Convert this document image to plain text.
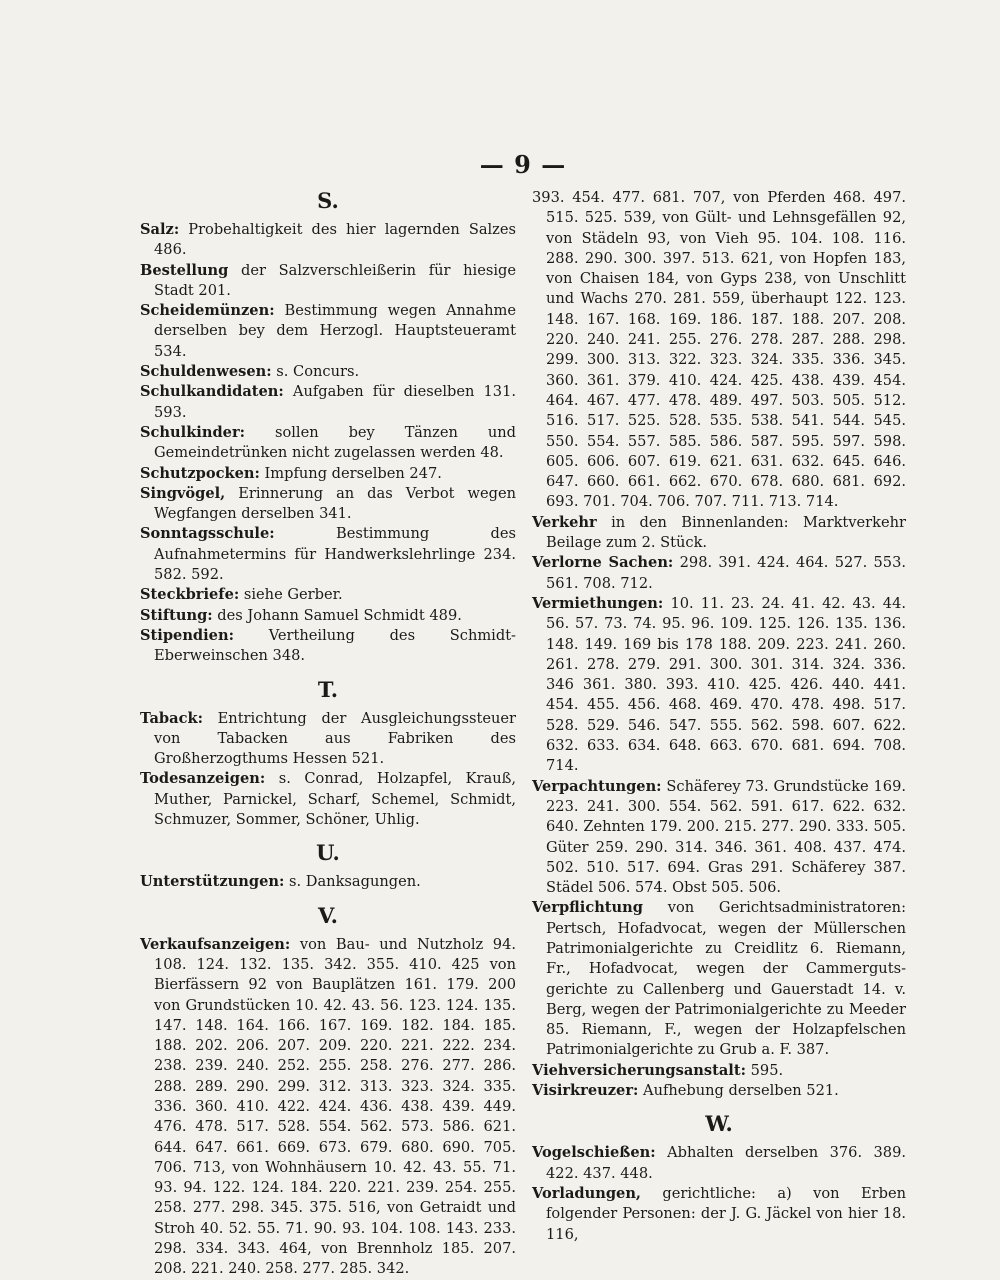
— 9 —
S.
Salz: Probehaltigkeit des hier lagernden Salzes 486.
Bestellung der Salzverschleißerin für hiesige Stadt 201.
Scheidemünzen: Bestimmung wegen Annahme derselben bey dem Herzogl. Hauptsteueramt 534.
Schuldenwesen: s. Concurs.
Schulkandidaten: Aufgaben für dieselben 131. 593.
Schulkinder: sollen bey Tänzen und Gemeindetrünken nicht zugelassen werden 48.
Schutzpocken: Impfung derselben 247.
Singvögel, Erinnerung an das Verbot wegen Wegfangen derselben 341.
Sonntagsschule:	Bestimmung des Aufnahmetermins für Handwerkslehrlinge 234. 582. 592.
Steckbriefe: siehe Gerber.
Stiftung: des Johann Samuel Schmidt 489.
Stipendien: Vertheilung des Schmidt-Eberweinschen 348.
T.
Taback: Entrichtung der Ausgleichungssteuer von Tabacken aus Fabriken des Großherzogthums Hessen 521.
Todesanzeigen: s. Conrad, Holzapfel, Krauß, Muther, Parnickel, Scharf, Schemel, Schmidt, Schmuzer, Sommer, Schöner, Uhlig.
U.
Unterstützungen: s. Danksagungen.
V.
Verkaufsanzeigen: von Bau- und Nutzholz 94. 108. 124. 132. 135. 342. 355. 410. 425 von Bierfässern 92 von Bauplätzen 161. 179. 200 von Grundstücken 10. 42. 43. 56. 123. 124. 135. 147. 148. 164. 166. 167. 169. 182. 184. 185. 188. 202. 206. 207. 209. 220. 221. 222. 234. 238. 239. 240. 252. 255. 258. 276. 277. 286. 288. 289. 290. 299. 312. 313. 323. 324. 335. 336. 360. 410. 422. 424. 436. 438. 439. 449. 476. 478. 517. 528. 554. 562. 573. 586. 621. 644. 647. 661. 669. 673. 679. 680. 690. 705. 706. 713, von Wohnhäusern 10. 42. 43. 55. 71. 93. 94. 122. 124. 184. 220. 221. 239. 254. 255. 258. 277. 298. 345. 375. 516, von Getraidt und Stroh 40. 52. 55. 71. 90. 93. 104. 108. 143. 233. 298. 334. 343. 464, von Brennholz 185. 207. 208. 221. 240. 258. 277. 285. 342.
393. 454. 477. 681. 707, von Pferden 468. 497. 515. 525. 539, von Gült- und Lehnsgefällen 92, von Städeln 93, von Vieh 95. 104. 108. 116. 288. 290. 300. 397. 513. 621, von Hopfen 183, von Chaisen 184, von Gyps 238, von Unschlitt und Wachs 270. 281. 559, überhaupt 122. 123. 148. 167. 168. 169. 186. 187. 188. 207. 208. 220. 240. 241. 255. 276. 278. 287. 288. 298. 299. 300. 313. 322. 323. 324. 335. 336. 345. 360. 361. 379. 410. 424. 425. 438. 439. 454. 464. 467. 477. 478. 489. 497. 503. 505. 512. 516. 517. 525. 528. 535. 538. 541. 544. 545. 550. 554. 557. 585. 586. 587. 595. 597. 598. 605. 606. 607. 619. 621. 631. 632. 645. 646. 647. 660. 661. 662. 670. 678. 680. 681. 692. 693. 701. 704. 706. 707. 711. 713. 714.
Verkehr in den Binnenlanden: Marktverkehr Beilage zum 2. Stück.
Verlorne Sachen: 298. 391. 424. 464. 527. 553. 561. 708. 712.
Vermiethungen: 10. 11. 23. 24. 41. 42. 43. 44. 56. 57. 73. 74. 95. 96. 109. 125. 126. 135. 136. 148. 149. 169 bis 178 188. 209. 223. 241. 260. 261. 278. 279. 291. 300. 301. 314. 324. 336. 346 361. 380. 393. 410. 425. 426. 440. 441. 454. 455. 456. 468. 469. 470. 478. 498. 517. 528. 529. 546. 547. 555. 562. 598. 607. 622. 632. 633. 634. 648. 663. 670. 681. 694. 708. 714.
Verpachtungen: Schäferey 73. Grundstücke 169. 223. 241. 300. 554. 562. 591. 617. 622. 632. 640. Zehnten 179. 200. 215. 277. 290. 333. 505. Güter 259. 290. 314. 346. 361. 408. 437. 474. 502. 510. 517. 694. Gras 291. Schäferey 387. Städel 506. 574. Obst 505. 506.
Verpflichtung von Gerichtsadministratoren: Pertsch, Hofadvocat, wegen der Müllerschen Patrimonialgerichte zu Creidlitz 6. Riemann, Fr., Hofadvocat, wegen der Cammerguts-gerichte zu Callenberg und Gauerstadt 14. v. Berg, wegen der Patrimonialgerichte zu Meeder 85. Riemann, F., wegen der Holzapfelschen Patrimonialgerichte zu Grub a. F. 387.
Viehversicherungsanstalt: 595.
Visirkreuzer: Aufhebung derselben 521.
W.
Vogelschießen: Abhalten derselben 376. 389. 422. 437. 448.
Vorladungen, gerichtliche: a) von Erben folgender Personen: der J. G. Jäckel von hier 18. 116,
